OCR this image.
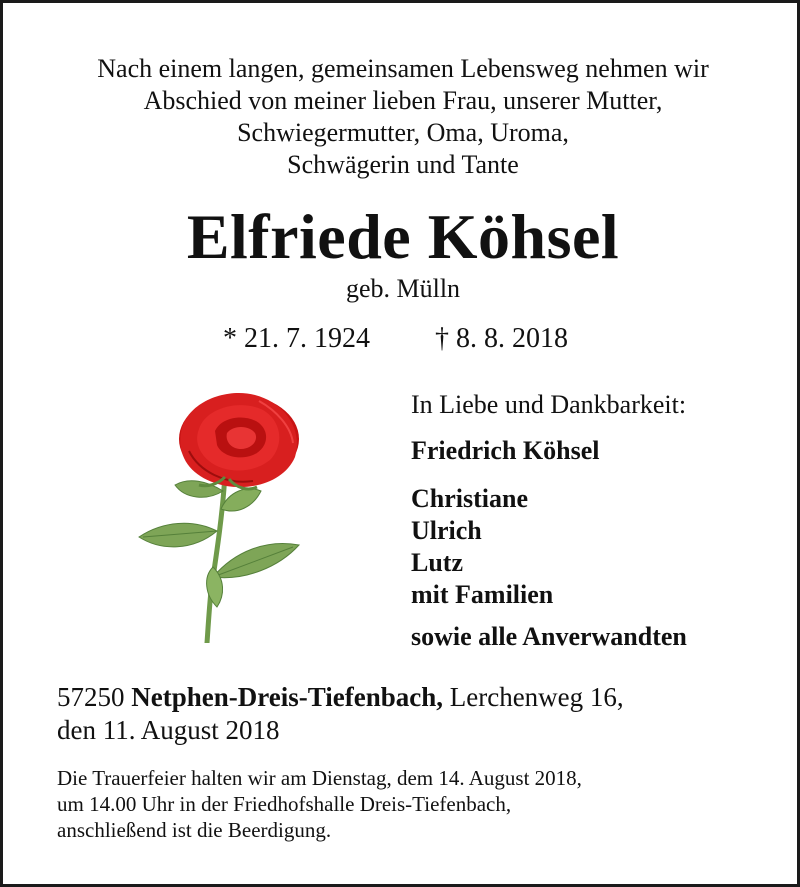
Nach einem langen, gemeinsamen Lebensweg nehmen wir
Abschied von meiner lieben Frau, unserer Mutter,
Schwiegermutter, Oma, Uroma,
Schwägerin und Tante
Elfriede Köhsel
geb. Mülln
* 21. 7. 1924 † 8. 8. 2018
In Liebe und Dankbarkeit:
Friedrich Köhsel
Christiane
Ulrich
Lutz
mit Familien
sowie alle Anverwandten
57250 Netphen-Dreis-Tiefenbach, Lerchenweg 16,
den 11. August 2018
Die Trauerfeier halten wir am Dienstag, dem 14. August 2018,
um 14.00 Uhr in der Friedhofshalle Dreis-Tiefenbach,
anschließend ist die Beerdigung.
